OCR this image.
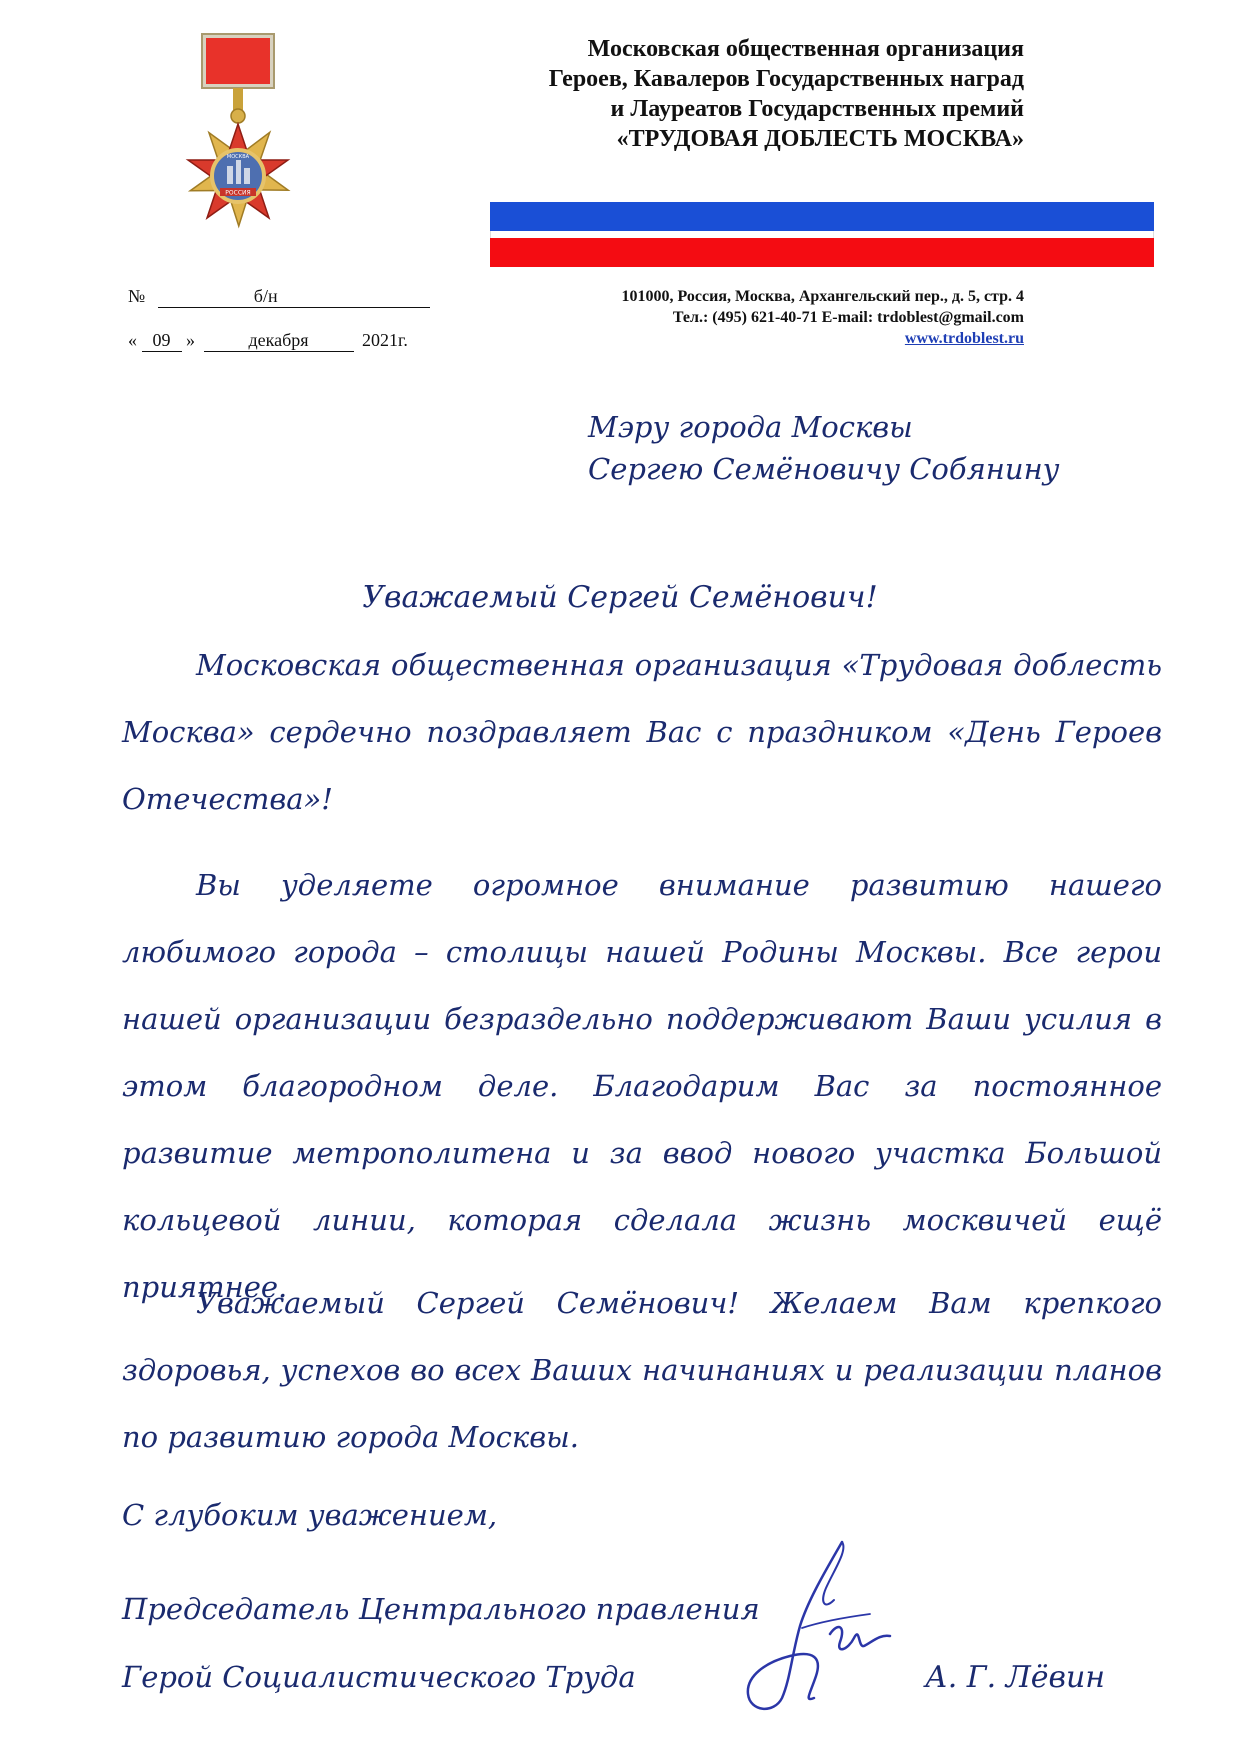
РОССИЯ
МОСКВА
Московская общественная организация
Героев, Кавалеров Государственных наград
и Лауреатов Государственных премий
«ТРУДОВАЯ ДОБЛЕСТЬ МОСКВА»
№	б/н
« 09 »	декабря	2021г.
101000, Россия, Москва, Архангельский пер., д. 5, стр. 4
Тел.: (495) 621-40-71 E-mail: trdoblest@gmail.com
www.trdoblest.ru
Мэру города Москвы
Сергею Семёновичу Собянину
Уважаемый Сергей Семёнович!
Московская общественная организация «Трудовая доблесть Москва» сердечно поздравляет Вас с праздником «День Героев Отечества»!
Вы уделяете огромное внимание развитию нашего любимого города – столицы нашей Родины Москвы. Все герои нашей организации безраздельно поддерживают Ваши усилия в этом благородном деле. Благодарим Вас за постоянное развитие метрополитена и за ввод нового участка Большой кольцевой линии, которая сделала жизнь москвичей ещё приятнее.
Уважаемый Сергей Семёнович! Желаем Вам крепкого здоровья, успехов во всех Ваших начинаниях и реализации планов по развитию города Москвы.
С глубоким уважением,
Председатель Центрального правления
Герой Социалистического Труда	А. Г. Лёвин
